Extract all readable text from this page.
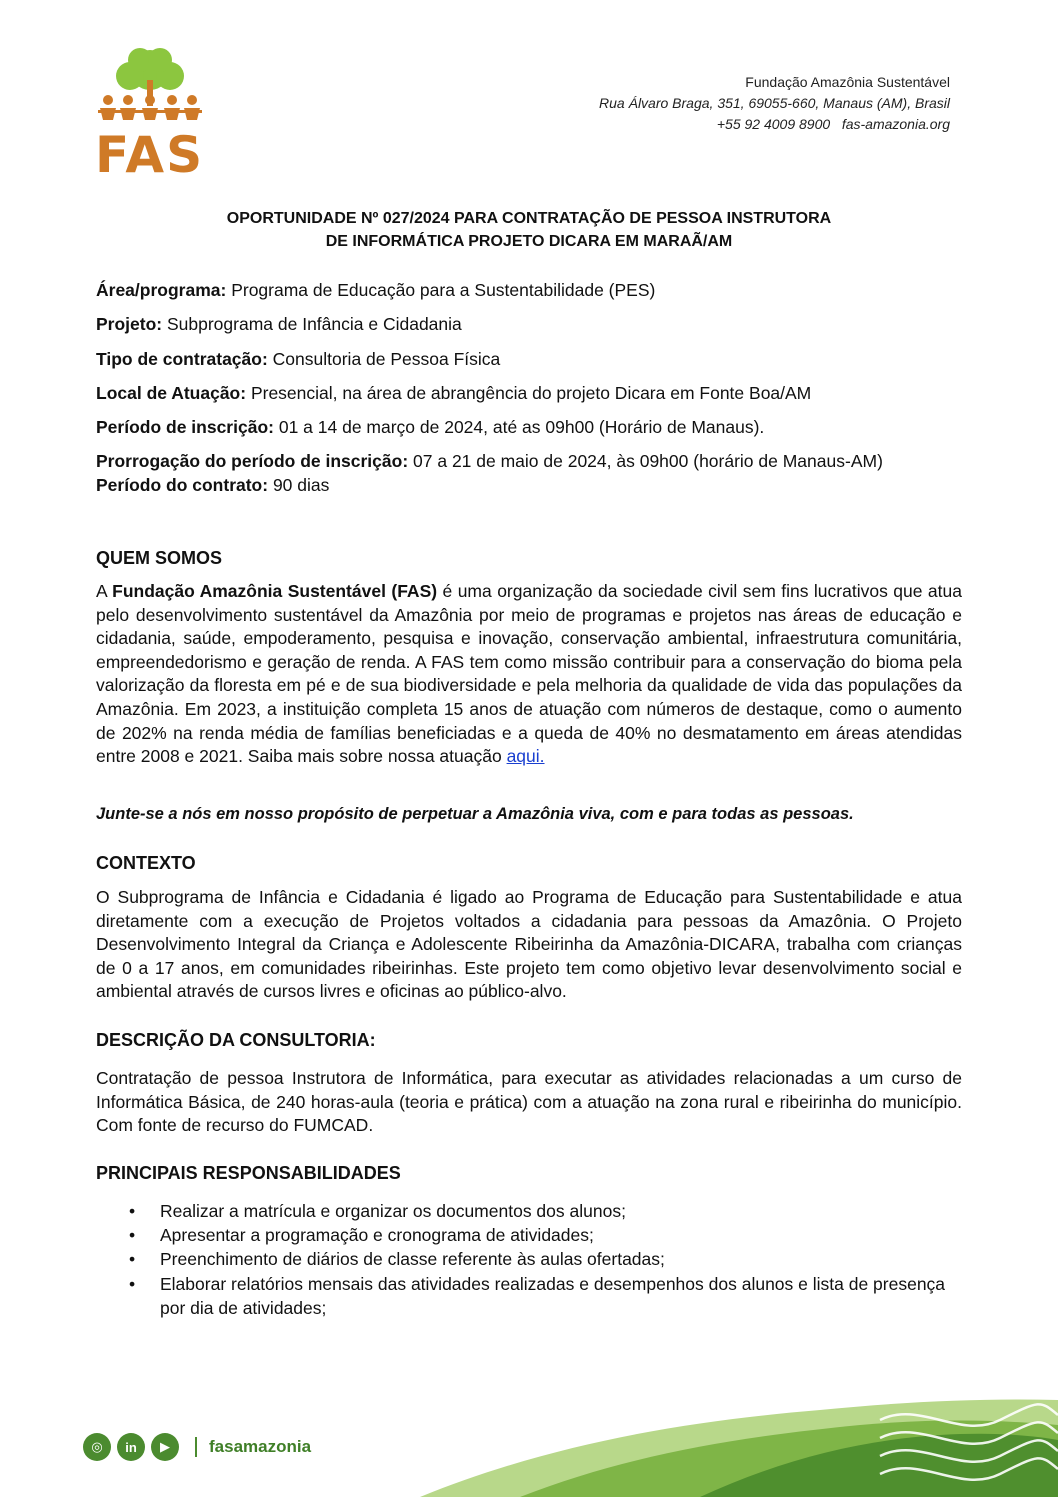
FAS
Fundação Amazônia Sustentável
Rua Álvaro Braga, 351, 69055-660, Manaus (AM), Brasil
+55 92 4009 8900   fas-amazonia.org
OPORTUNIDADE Nº 027/2024 PARA CONTRATAÇÃO DE PESSOA INSTRUTORA
DE INFORMÁTICA PROJETO DICARA EM MARAÃ/AM

Área/programa: Programa de Educação para a Sustentabilidade (PES)

Projeto: Subprograma de Infância e Cidadania

Tipo de contratação: Consultoria de Pessoa Física

Local de Atuação: Presencial, na área de abrangência do projeto Dicara em Fonte Boa/AM

Período de inscrição: 01 a 14 de março de 2024, até as 09h00 (Horário de Manaus).

Prorrogação do período de inscrição: 07 a 21 de maio de 2024, às 09h00 (horário de Manaus-AM)

Período do contrato: 90 dias

QUEM SOMOS

A Fundação Amazônia Sustentável (FAS) é uma organização da sociedade civil sem fins lucrativos que atua pelo desenvolvimento sustentável da Amazônia por meio de programas e projetos nas áreas de educação e cidadania, saúde, empoderamento, pesquisa e inovação, conservação ambiental, infraestrutura comunitária, empreendedorismo e geração de renda. A FAS tem como missão contribuir para a conservação do bioma pela valorização da floresta em pé e de sua biodiversidade e pela melhoria da qualidade de vida das populações da Amazônia. Em 2023, a instituição completa 15 anos de atuação com números de destaque, como o aumento de 202% na renda média de famílias beneficiadas e a queda de 40% no desmatamento em áreas atendidas entre 2008 e 2021. Saiba mais sobre nossa atuação aqui.

Junte-se a nós em nosso propósito de perpetuar a Amazônia viva, com e para todas as pessoas.
CONTEXTO

O Subprograma de Infância e Cidadania é ligado ao Programa de Educação para Sustentabilidade e atua diretamente com a execução de Projetos voltados a cidadania para pessoas da Amazônia. O Projeto Desenvolvimento Integral da Criança e Adolescente Ribeirinha da Amazônia-DICARA, trabalha com crianças de 0 a 17 anos, em comunidades ribeirinhas. Este projeto tem como objetivo levar desenvolvimento social e ambiental através de cursos livres e oficinas ao público-alvo.

DESCRIÇÃO DA CONSULTORIA:

Contratação de pessoa Instrutora de Informática, para executar as atividades relacionadas a um curso de Informática Básica, de 240 horas-aula (teoria e prática) com a atuação na zona rural e ribeirinha do município. Com fonte de recurso do FUMCAD.

PRINCIPAIS RESPONSABILIDADES
• Realizar a matrícula e organizar os documentos dos alunos;
• Apresentar a programação e cronograma de atividades;
• Preenchimento de diários de classe referente às aulas ofertadas;
• Elaborar relatórios mensais das atividades realizadas e desempenhos dos alunos e lista de presença por dia de atividades;
◎	in	▶	fasamazonia
